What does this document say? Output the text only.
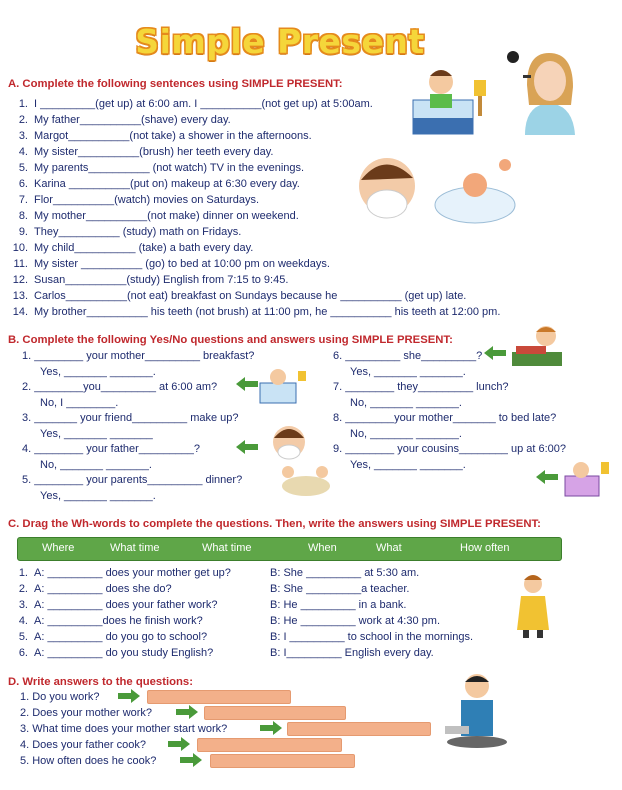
Simple Present
A. Complete the following sentences using SIMPLE PRESENT:
1. I _________(get up) at 6:00 am. I __________(not get up) at 5:00am.
2. My father__________(shave) every day.
3. Margot__________(not take) a shower in the afternoons.
4. My sister__________(brush) her teeth every day.
5. My parents__________ (not watch) TV in the evenings.
6. Karina __________(put on) makeup at 6:30 every day.
7. Flor__________(watch) movies on Saturdays.
8. My mother__________(not make) dinner on weekend.
9. They__________ (study) math on Fridays.
10. My child__________ (take) a bath every day.
11. My sister __________ (go) to bed at 10:00 pm on weekdays.
12. Susan__________(study) English from 7:15 to 9:45.
13. Carlos__________(not eat) breakfast on Sundays because he __________ (get up) late.
14. My brother__________ his teeth (not brush) at 11:00 pm, he __________ his teeth at 12:00 pm.
B. Complete the following Yes/No questions and answers using SIMPLE PRESENT:
1. ________ your mother_________ breakfast?
Yes, _______ _______.
2. ________you_________ at 6:00 am?
No, I ________.
3. _______ your friend_________ make up?
Yes, _______ _______
4. ________ your father_________?
No, _______ _______.
5. ________ your parents_________ dinner?
Yes, _______ _______.
6. _________ she_________?
Yes, _______ _______.
7. ________ they_________ lunch?
No, _______ _______.
8. ________your mother_______ to bed late?
No, _______ _______.
9. ________ your cousins________ up at 6:00?
Yes, _______ _______.
C. Drag the Wh-words to complete the questions. Then, write the answers using SIMPLE PRESENT:
Where	What time	What time	When	What	How often
1. A: _________ does your mother get up?	B: She _________ at 5:30 am.
2. A: _________ does she do?	B: She _________a teacher.
3. A: _________ does your father work?	B: He _________ in a bank.
4. A: _________does he finish work?	B: He _________ work at 4:30 pm.
5. A: _________ do you go to school?	B: I _________ to school in the mornings.
6. A: _________ do you study English?	B: I_________ English every day.
D. Write answers to the questions:
1. Do you work?
2. Does your mother work?
3. What time does your mother start work?
4. Does your father cook?
5. How often does he cook?
